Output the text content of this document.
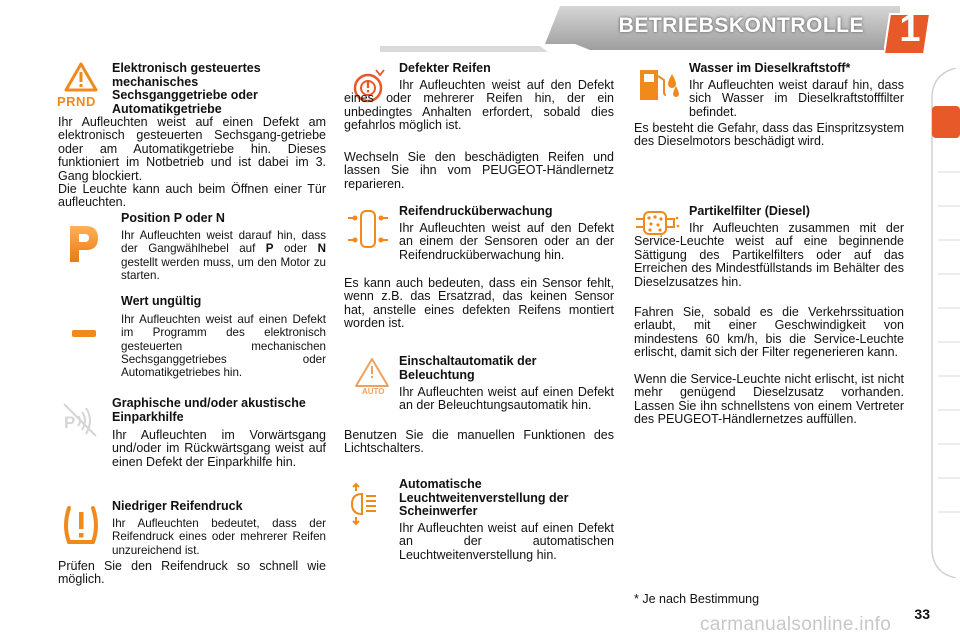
BETRIEBSKONTROLLE 1
PRND
Elektronisch gesteuertes mechanisches Sechsganggetriebe oder Automatikgetriebe
Ihr Aufleuchten weist auf einen Defekt am elektronisch gesteuerten Sechsgang-getriebe oder am Automatikgetriebe hin. Dieses funktioniert im Notbetrieb und ist dabei im 3. Gang blockiert.
Die Leuchte kann auch beim Öffnen einer Tür aufleuchten.
Position P oder N
Ihr Aufleuchten weist darauf hin, dass der Gangwählhebel auf P oder N gestellt werden muss, um den Motor zu starten.
Wert ungültig
Ihr Aufleuchten weist auf einen Defekt im Programm des elektronisch gesteuerten mechanischen Sechsganggetriebes oder Automatikgetriebes hin.
P
Graphische und/oder akustische Einparkhilfe
Ihr Aufleuchten im Vorwärtsgang und/oder im Rückwärtsgang weist auf einen Defekt der Einparkhilfe hin.
Niedriger Reifendruck
Ihr Aufleuchten bedeutet, dass der Reifendruck eines oder mehrerer Reifen unzureichend ist.
Prüfen Sie den Reifendruck so schnell wie möglich.
Defekter Reifen
Ihr Aufleuchten weist auf den Defekt eines oder mehrerer Reifen hin, der ein unbedingtes Anhalten erfordert, sobald dies gefahrlos möglich ist.
Wechseln Sie den beschädigten Reifen und lassen Sie ihn vom PEUGEOT-Händlernetz reparieren.
Reifendrucküberwachung
Ihr Aufleuchten weist auf den Defekt an einem der Sensoren oder an der Reifendrucküberwachung hin.
Es kann auch bedeuten, dass ein Sensor fehlt, wenn z.B. das Ersatzrad, das keinen Sensor hat, anstelle eines defekten Reifens montiert worden ist.
AUTO
Einschaltautomatik der Beleuchtung
Ihr Aufleuchten weist auf einen Defekt an der Beleuchtungsautomatik hin.
Benutzen Sie die manuellen Funktionen des Lichtschalters.
Automatische Leuchtweitenverstellung der Scheinwerfer
Ihr Aufleuchten weist auf einen Defekt an der automatischen Leuchtweitenverstellung hin.
Wasser im Dieselkraftstoff*
Ihr Aufleuchten weist darauf hin, dass sich Wasser im Dieselkraftstofffilter befindet.
Es besteht die Gefahr, dass das Einspritzsystem des Dieselmotors beschädigt wird.
Partikelfilter (Diesel)
Ihr Aufleuchten zusammen mit der Service-Leuchte weist auf eine beginnende Sättigung des Partikelfilters oder auf das Erreichen des Mindestfüllstands im Behälter des Dieselzusatzes hin.
Fahren Sie, sobald es die Verkehrssituation erlaubt, mit einer Geschwindigkeit von mindestens 60 km/h, bis die Service-Leuchte erlischt, damit sich der Filter regenerieren kann.
Wenn die Service-Leuchte nicht erlischt, ist nicht mehr genügend Dieselzusatz vorhanden. Lassen Sie ihn schnellstens von einem Vertreter des PEUGEOT-Händlernetzes auffüllen.
* Je nach Bestimmung
33
carmanualsonline.info
